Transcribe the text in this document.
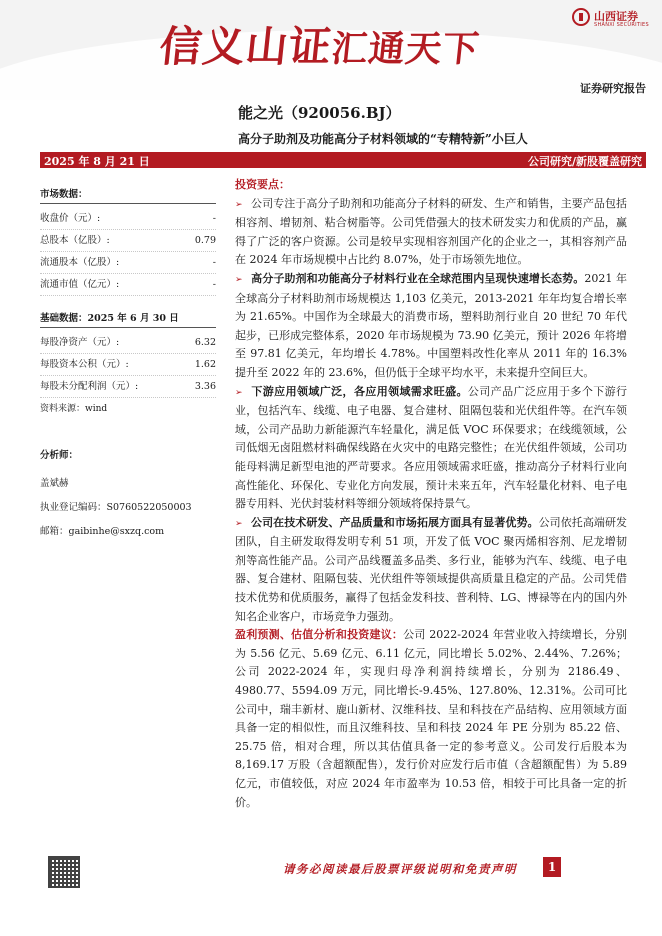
信义山证汇通天下
山西证券
SHANXI SECURITIES
证券研究报告
能之光（920056.BJ）
高分子助剂及功能高分子材料领域的“专精特新”小巨人
2025 年 8 月 21 日	公司研究/新股覆盖研究
市场数据：
收盘价（元）:	-
总股本（亿股）:	0.79
流通股本（亿股）:	-
流通市值（亿元）:	-
基础数据：2025 年 6 月 30 日
每股净资产（元）:	6.32
每股资本公积（元）:	1.62
每股未分配利润（元）:	3.36
资料来源：wind
分析师：
盖斌赫
执业登记编码：S0760522050003
邮箱：gaibinhe@sxzq.com
投资要点：

➢ 公司专注于高分子助剂和功能高分子材料的研发、生产和销售，主要产品包括相容剂、增韧剂、粘合树脂等。公司凭借强大的技术研发实力和优质的产品，赢得了广泛的客户资源。公司是较早实现相容剂国产化的企业之一，其相容剂产品在 2024 年市场规模中占比约 8.07%，处于市场领先地位。

➢ 高分子助剂和功能高分子材料行业在全球范围内呈现快速增长态势。2021 年全球高分子材料助剂市场规模达 1,103 亿美元，2013-2021 年年均复合增长率为 21.65%。中国作为全球最大的消费市场，塑料助剂行业自 20 世纪 70 年代起步，已形成完整体系，2020 年市场规模为 73.90 亿美元，预计 2026 年将增至 97.81 亿美元，年均增长 4.78%。中国塑料改性化率从 2011 年的 16.3%提升至 2022 年的 23.6%，但仍低于全球平均水平，未来提升空间巨大。

➢ 下游应用领域广泛，各应用领域需求旺盛。公司产品广泛应用于多个下游行业，包括汽车、线缆、电子电器、复合建材、阻隔包装和光伏组件等。在汽车领域，公司产品助力新能源汽车轻量化，满足低 VOC 环保要求；在线缆领域，公司低烟无卤阻燃材料确保线路在火灾中的电路完整性；在光伏组件领域，公司功能母料满足新型电池的严苛要求。各应用领域需求旺盛，推动高分子材料行业向高性能化、环保化、专业化方向发展，预计未来五年，汽车轻量化材料、电子电器专用料、光伏封装材料等细分领域将保持景气。

➢ 公司在技术研发、产品质量和市场拓展方面具有显著优势。公司依托高端研发团队，自主研发取得发明专利 51 项，开发了低 VOC 聚丙烯相容剂、尼龙增韧剂等高性能产品。公司产品线覆盖多品类、多行业，能够为汽车、线缆、电子电器、复合建材、阻隔包装、光伏组件等领域提供高质量且稳定的产品。公司凭借技术优势和优质服务，赢得了包括金发科技、普利特、LG、博禄等在内的国内外知名企业客户，市场竞争力强劲。

盈利预测、估值分析和投资建议：公司 2022-2024 年营业收入持续增长，分别为 5.56 亿元、5.69 亿元、6.11 亿元，同比增长 5.02%、2.44%、7.26%；公司 2022-2024 年，实现归母净利润持续增长，分别为 2186.49、4980.77、5594.09 万元，同比增长-9.45%、127.80%、12.31%。公司可比公司中，瑞丰新材、鹿山新材、汉维科技、呈和科技在产品结构、应用领域方面具备一定的相似性，而且汉维科技、呈和科技 2024 年 PE 分别为 85.22 倍、25.75 倍，相对合理，所以其估值具备一定的参考意义。公司发行后股本为 8,169.17 万股（含超额配售），发行价对应发行后市值（含超额配售）为 5.89 亿元，市值较低，对应 2024 年市盈率为 10.53 倍，相较于可比具备一定的折价。

请务必阅读最后股票评级说明和免责声明	1
